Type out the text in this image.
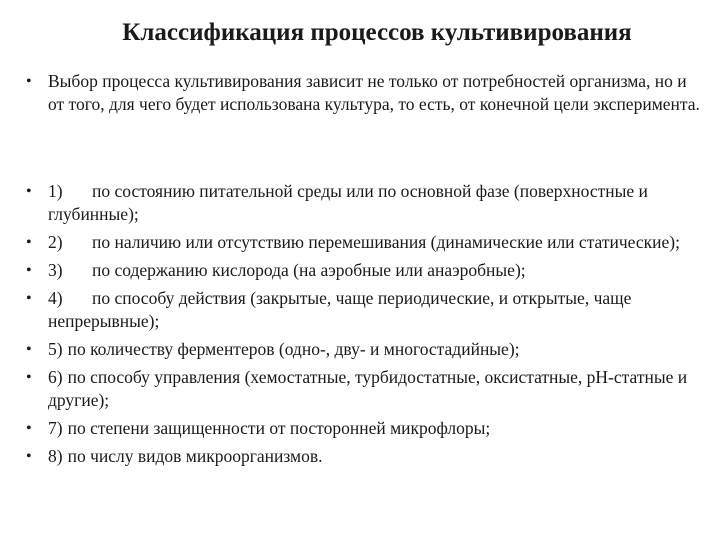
Классификация процессов культивирования
• Выбор процесса культивирования зависит не только от потребностей организма, но и от того, для чего будет использована культура, то есть, от конечной цели эксперимента.
• 1) по состоянию питательной среды или по основной фазе (поверхностные и глубинные);
• 2) по наличию или отсутствию перемешивания (динамические или статические);
• 3) по содержанию кислорода (на аэробные или анаэробные);
• 4) по способу действия (закрытые, чаще периодические, и открытые, чаще непрерывные);
• 5) по количеству ферментеров (одно-, дву- и многостадийные);
• 6) по способу управления (хемостатные, турбидостатные, оксистатные, pH-статные и другие);
• 7) по степени защищенности от посторонней микрофлоры;
• 8) по числу видов микроорганизмов.
